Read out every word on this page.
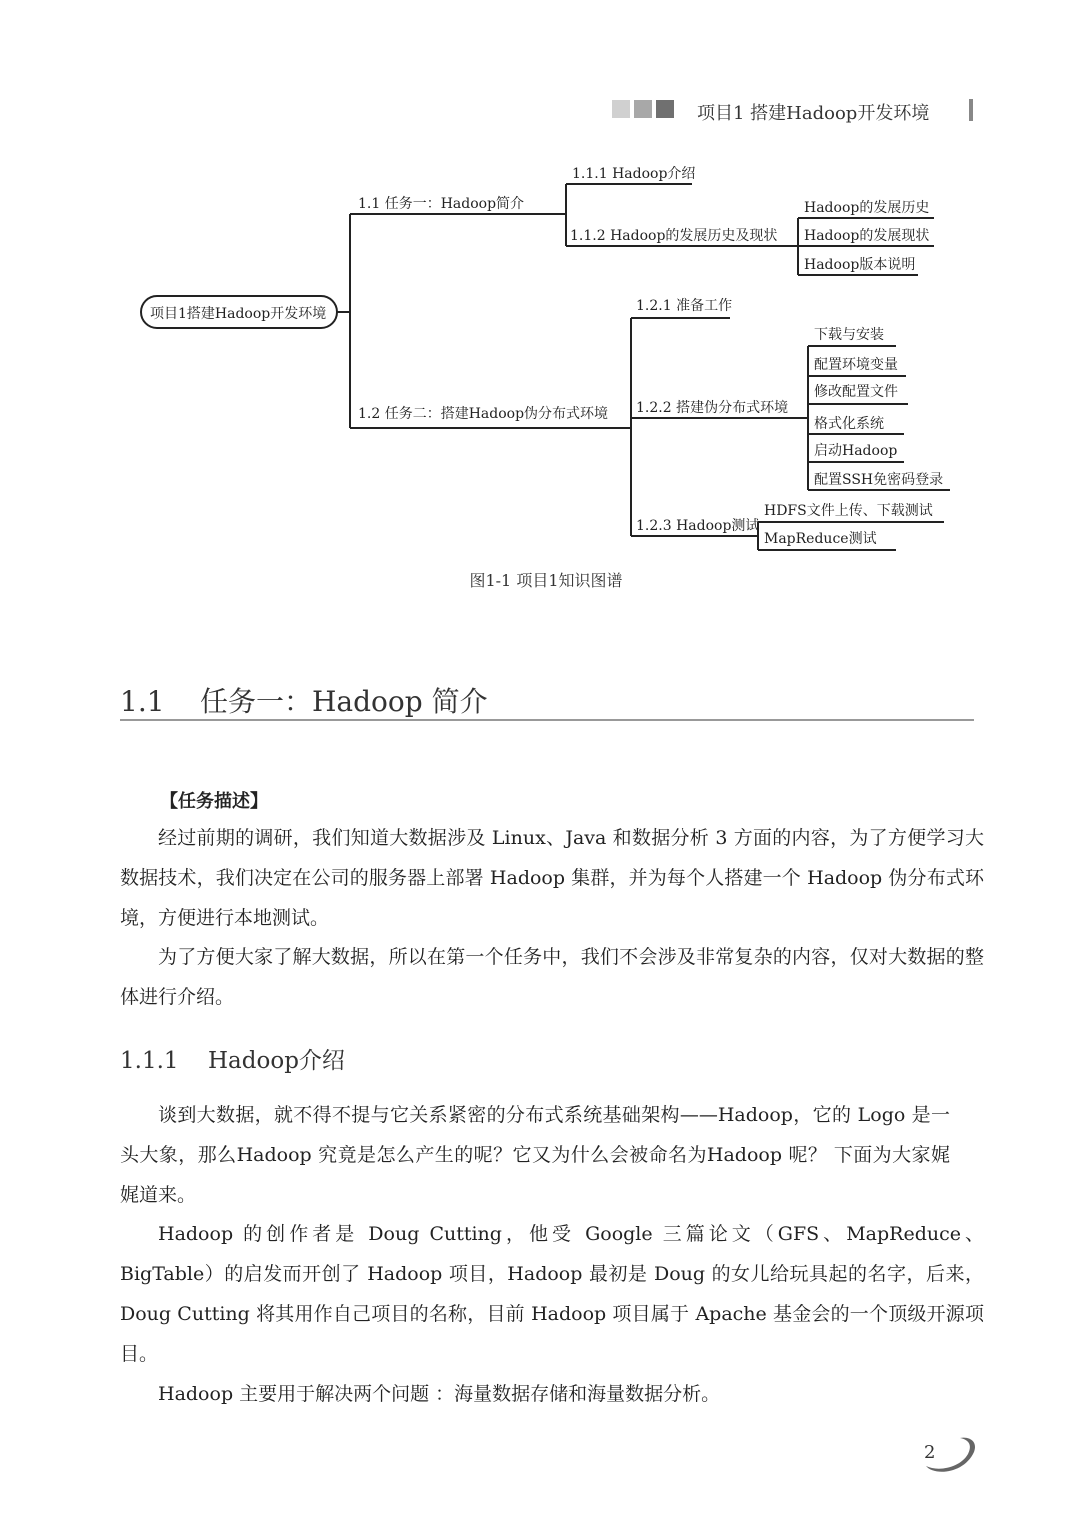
项目1 搭建Hadoop开发环境
项目1搭建Hadoop开发环境
1.1 任务一：Hadoop简介
1.1.1 Hadoop介绍
1.1.2 Hadoop的发展历史及现状
Hadoop的发展历史
Hadoop的发展现状
Hadoop版本说明
1.2 任务二：搭建Hadoop伪分布式环境
1.2.1 准备工作
1.2.2 搭建伪分布式环境
下载与安装
配置环境变量
修改配置文件
格式化系统
启动Hadoop
配置SSH免密码登录
1.2.3 Hadoop测试
HDFS文件上传、下载测试
MapReduce测试
图1-1 项目1知识图谱
1.1 任务一：Hadoop 简介
【任务描述】

经过前期的调研，我们知道大数据涉及 Linux、Java 和数据分析 3 方面的内容，为了方便学习大数据技术，我们决定在公司的服务器上部署 Hadoop 集群，并为每个人搭建一个 Hadoop 伪分布式环境，方便进行本地测试。

为了方便大家了解大数据，所以在第一个任务中，我们不会涉及非常复杂的内容，仅对大数据的整体进行介绍。

1.1.1 Hadoop介绍

谈到大数据，就不得不提与它关系紧密的分布式系统基础架构——Hadoop，它的 Logo 是一头大象，那么Hadoop 究竟是怎么产生的呢？它又为什么会被命名为Hadoop 呢？ 下面为大家娓娓道来。

Hadoop 的创作者是 Doug Cutting，他受 Google 三篇论文（GFS、MapReduce、BigTable）的启发而开创了 Hadoop 项目，Hadoop 最初是 Doug 的女儿给玩具起的名字，后来，Doug Cutting 将其用作自己项目的名称，目前 Hadoop 项目属于 Apache 基金会的一个顶级开源项目。

Hadoop 主要用于解决两个问题 ：海量数据存储和海量数据分析。

2
